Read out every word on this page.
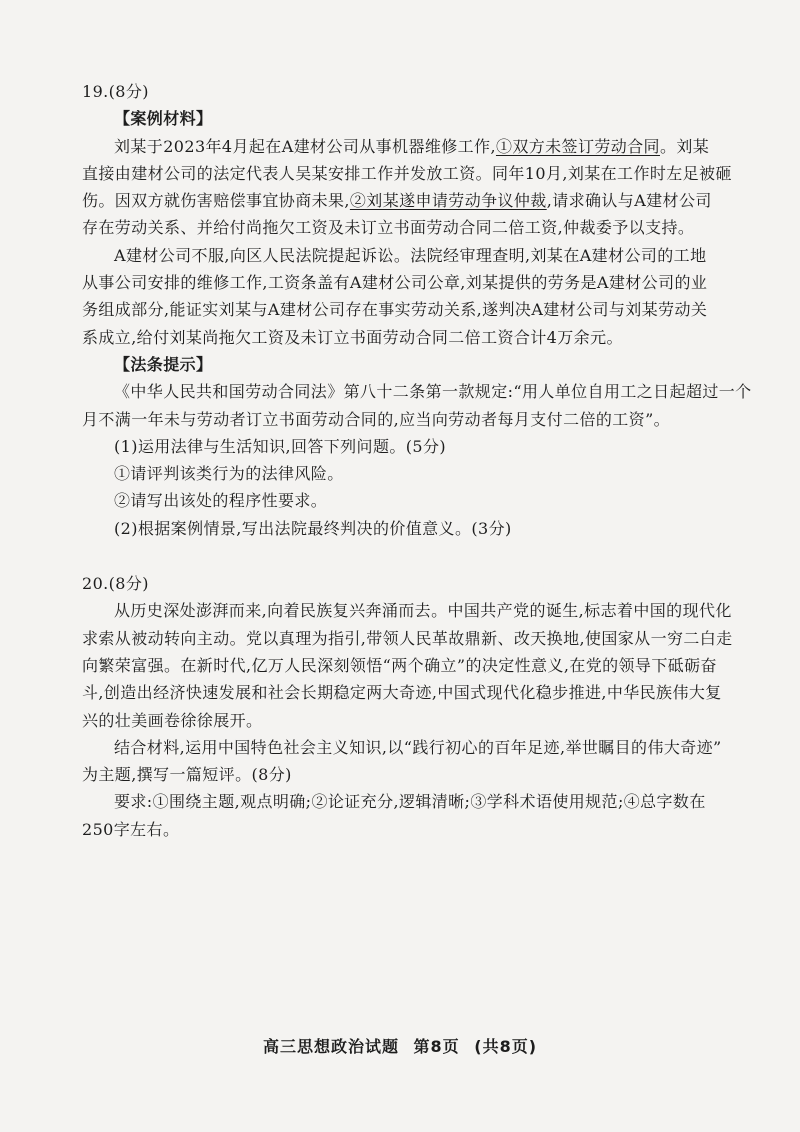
19.(8分)
【案例材料】
刘某于2023年4月起在A建材公司从事机器维修工作,①双方未签订劳动合同。刘某
直接由建材公司的法定代表人吴某安排工作并发放工资。同年10月,刘某在工作时左足被砸
伤。因双方就伤害赔偿事宜协商未果,②刘某遂申请劳动争议仲裁,请求确认与A建材公司
存在劳动关系、并给付尚拖欠工资及未订立书面劳动合同二倍工资,仲裁委予以支持。
A建材公司不服,向区人民法院提起诉讼。法院经审理查明,刘某在A建材公司的工地
从事公司安排的维修工作,工资条盖有A建材公司公章,刘某提供的劳务是A建材公司的业
务组成部分,能证实刘某与A建材公司存在事实劳动关系,遂判决A建材公司与刘某劳动关
系成立,给付刘某尚拖欠工资及未订立书面劳动合同二倍工资合计4万余元。
【法条提示】
《中华人民共和国劳动合同法》第八十二条第一款规定:“用人单位自用工之日起超过一个
月不满一年未与劳动者订立书面劳动合同的,应当向劳动者每月支付二倍的工资”。
(1)运用法律与生活知识,回答下列问题。(5分)
①请评判该类行为的法律风险。
②请写出该处的程序性要求。
(2)根据案例情景,写出法院最终判决的价值意义。(3分)
20.(8分)
从历史深处澎湃而来,向着民族复兴奔涌而去。中国共产党的诞生,标志着中国的现代化
求索从被动转向主动。党以真理为指引,带领人民革故鼎新、改天换地,使国家从一穷二白走
向繁荣富强。在新时代,亿万人民深刻领悟“两个确立”的决定性意义,在党的领导下砥砺奋
斗,创造出经济快速发展和社会长期稳定两大奇迹,中国式现代化稳步推进,中华民族伟大复
兴的壮美画卷徐徐展开。
结合材料,运用中国特色社会主义知识,以“践行初心的百年足迹,举世瞩目的伟大奇迹”
为主题,撰写一篇短评。(8分)
要求:①围绕主题,观点明确;②论证充分,逻辑清晰;③学科术语使用规范;④总字数在
250字左右。
高三思想政治试题 第8页 (共8页)
